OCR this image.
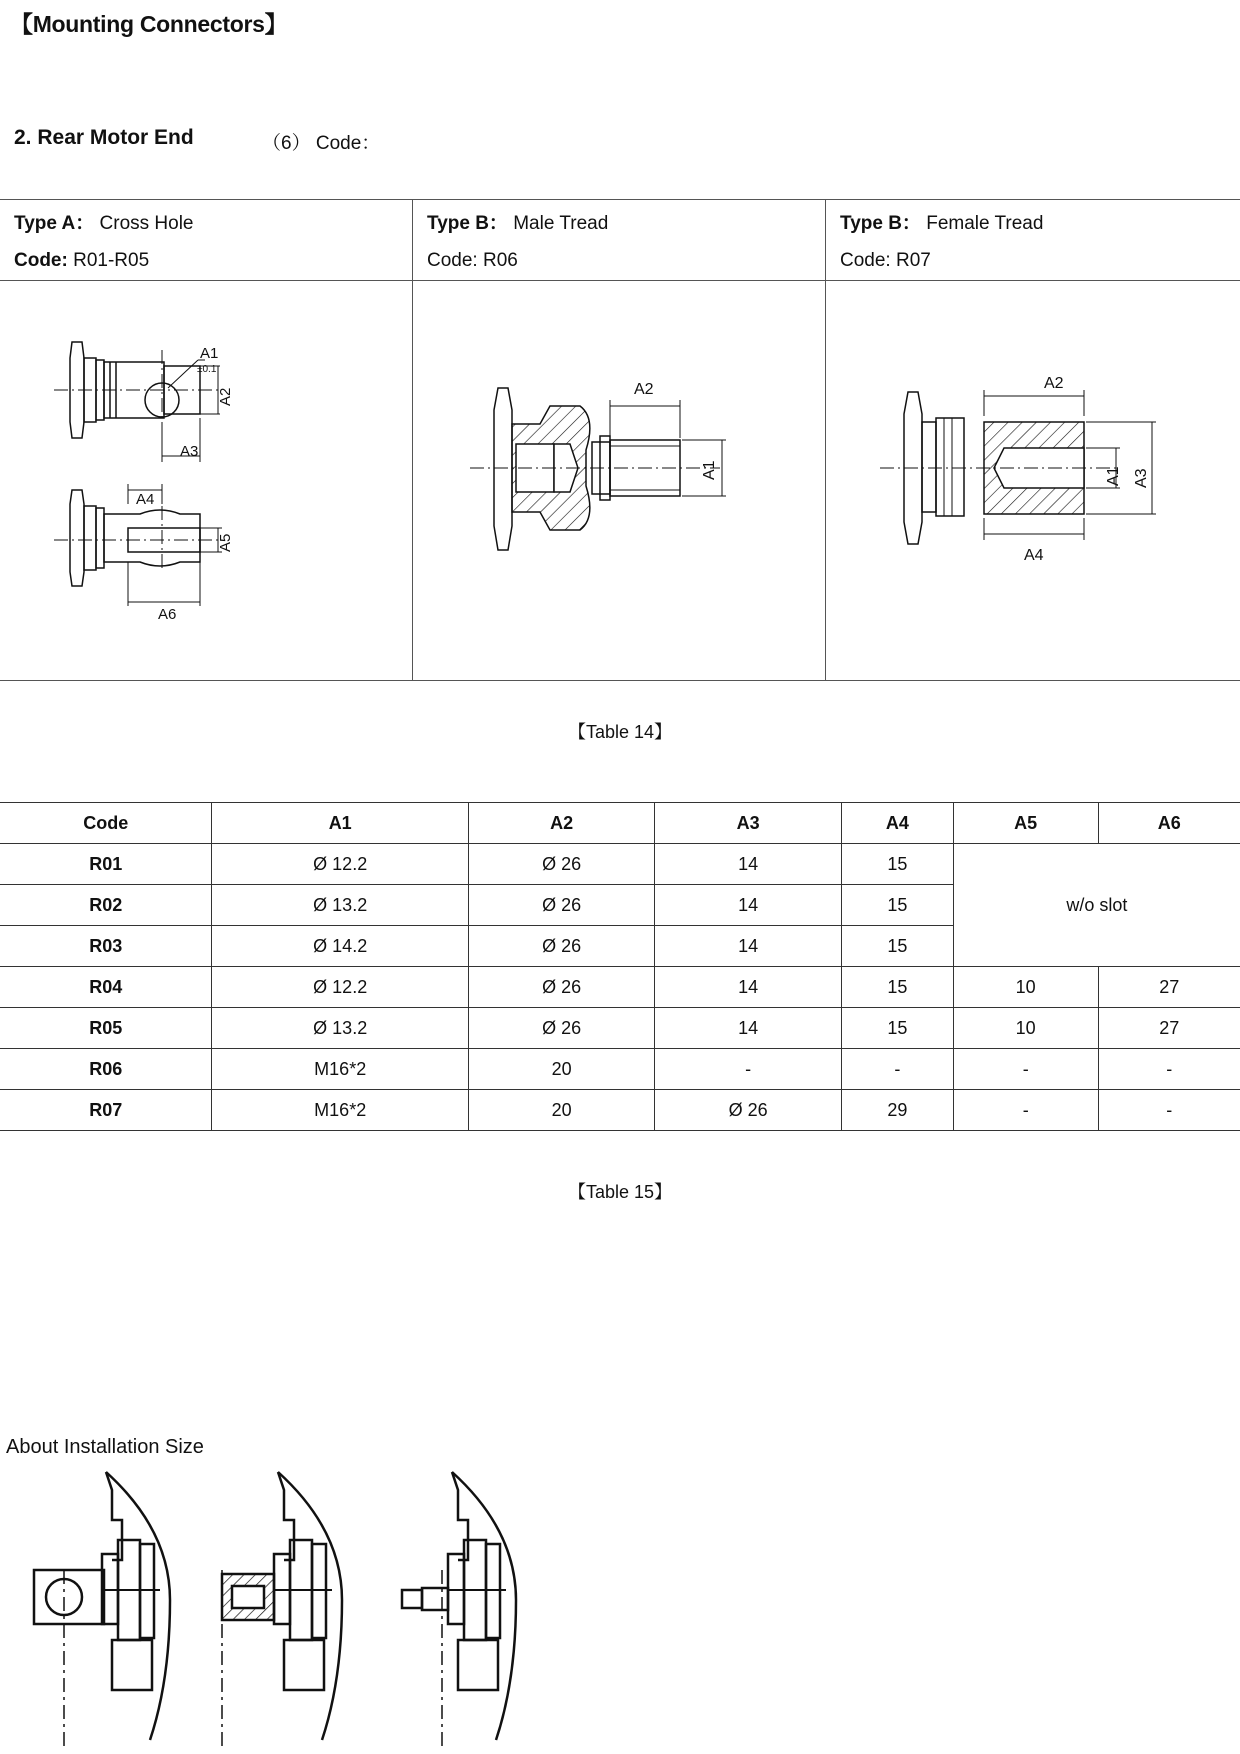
【Mounting Connectors】
2. Rear Motor End	（6） Code：
Type A： Cross Hole
Code: R01-R05
Type B： Male Tread
Code: R06
Type B： Female Tread
Code: R07
A1
±0.1
A2
A3
A4
A5
A6
A2
A1
A2
A1 A3
A4
【Table 14】
Code	A1	A2	A3	A4	A5	A6
R01	Ø 12.2	Ø 26	14	15	w/o slot	
R02	Ø 13.2	Ø 26	14	15		
R03	Ø 14.2	Ø 26	14	15		
R04	Ø 12.2	Ø 26	14	15	10	27
R05	Ø 13.2	Ø 26	14	15	10	27
R06	M16*2	20	-	-	-	-
R07	M16*2	20	Ø 26	29	-	-
【Table 15】
About Installation Size
